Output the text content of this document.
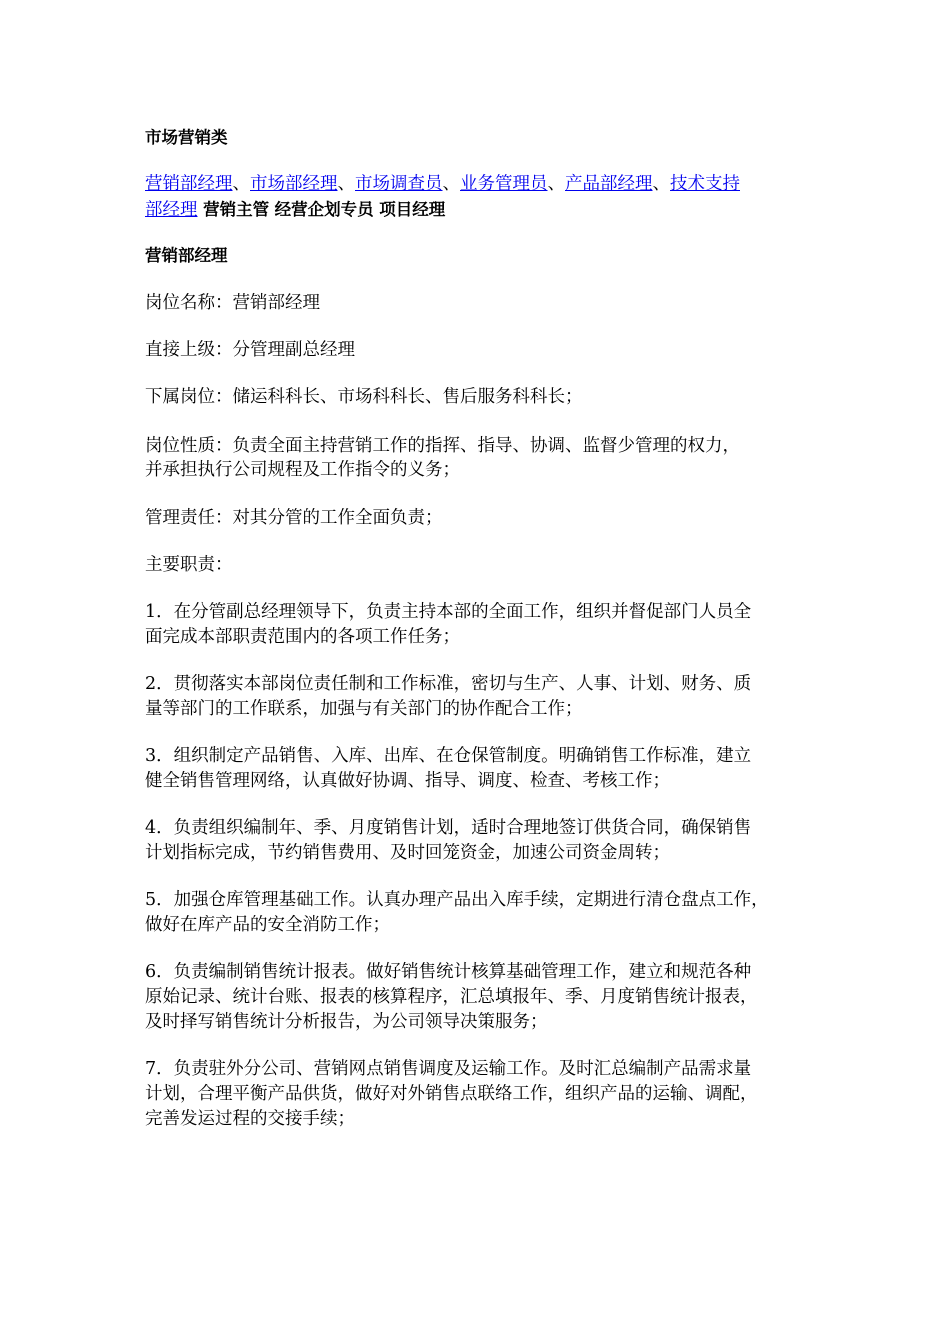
市场营销类
营销部经理、市场部经理、市场调查员、业务管理员、产品部经理、技术支持
部经理 营销主管 经营企划专员 项目经理
营销部经理
岗位名称：营销部经理
直接上级：分管理副总经理
下属岗位：储运科科长、市场科科长、售后服务科科长；
岗位性质：负责全面主持营销工作的指挥、指导、协调、监督少管理的权力，
并承担执行公司规程及工作指令的义务；
管理责任：对其分管的工作全面负责；
主要职责：
1．在分管副总经理领导下，负责主持本部的全面工作，组织并督促部门人员全
面完成本部职责范围内的各项工作任务；
2．贯彻落实本部岗位责任制和工作标准，密切与生产、人事、计划、财务、质
量等部门的工作联系，加强与有关部门的协作配合工作；
3．组织制定产品销售、入库、出库、在仓保管制度。明确销售工作标准，建立
健全销售管理网络，认真做好协调、指导、调度、检查、考核工作；
4．负责组织编制年、季、月度销售计划，适时合理地签订供货合同，确保销售
计划指标完成，节约销售费用、及时回笼资金，加速公司资金周转；
5．加强仓库管理基础工作。认真办理产品出入库手续，定期进行清仓盘点工作，
做好在库产品的安全消防工作；
6．负责编制销售统计报表。做好销售统计核算基础管理工作，建立和规范各种
原始记录、统计台账、报表的核算程序，汇总填报年、季、月度销售统计报表，
及时择写销售统计分析报告，为公司领导决策服务；
7．负责驻外分公司、营销网点销售调度及运输工作。及时汇总编制产品需求量
计划，合理平衡产品供货，做好对外销售点联络工作，组织产品的运输、调配，
完善发运过程的交接手续；
